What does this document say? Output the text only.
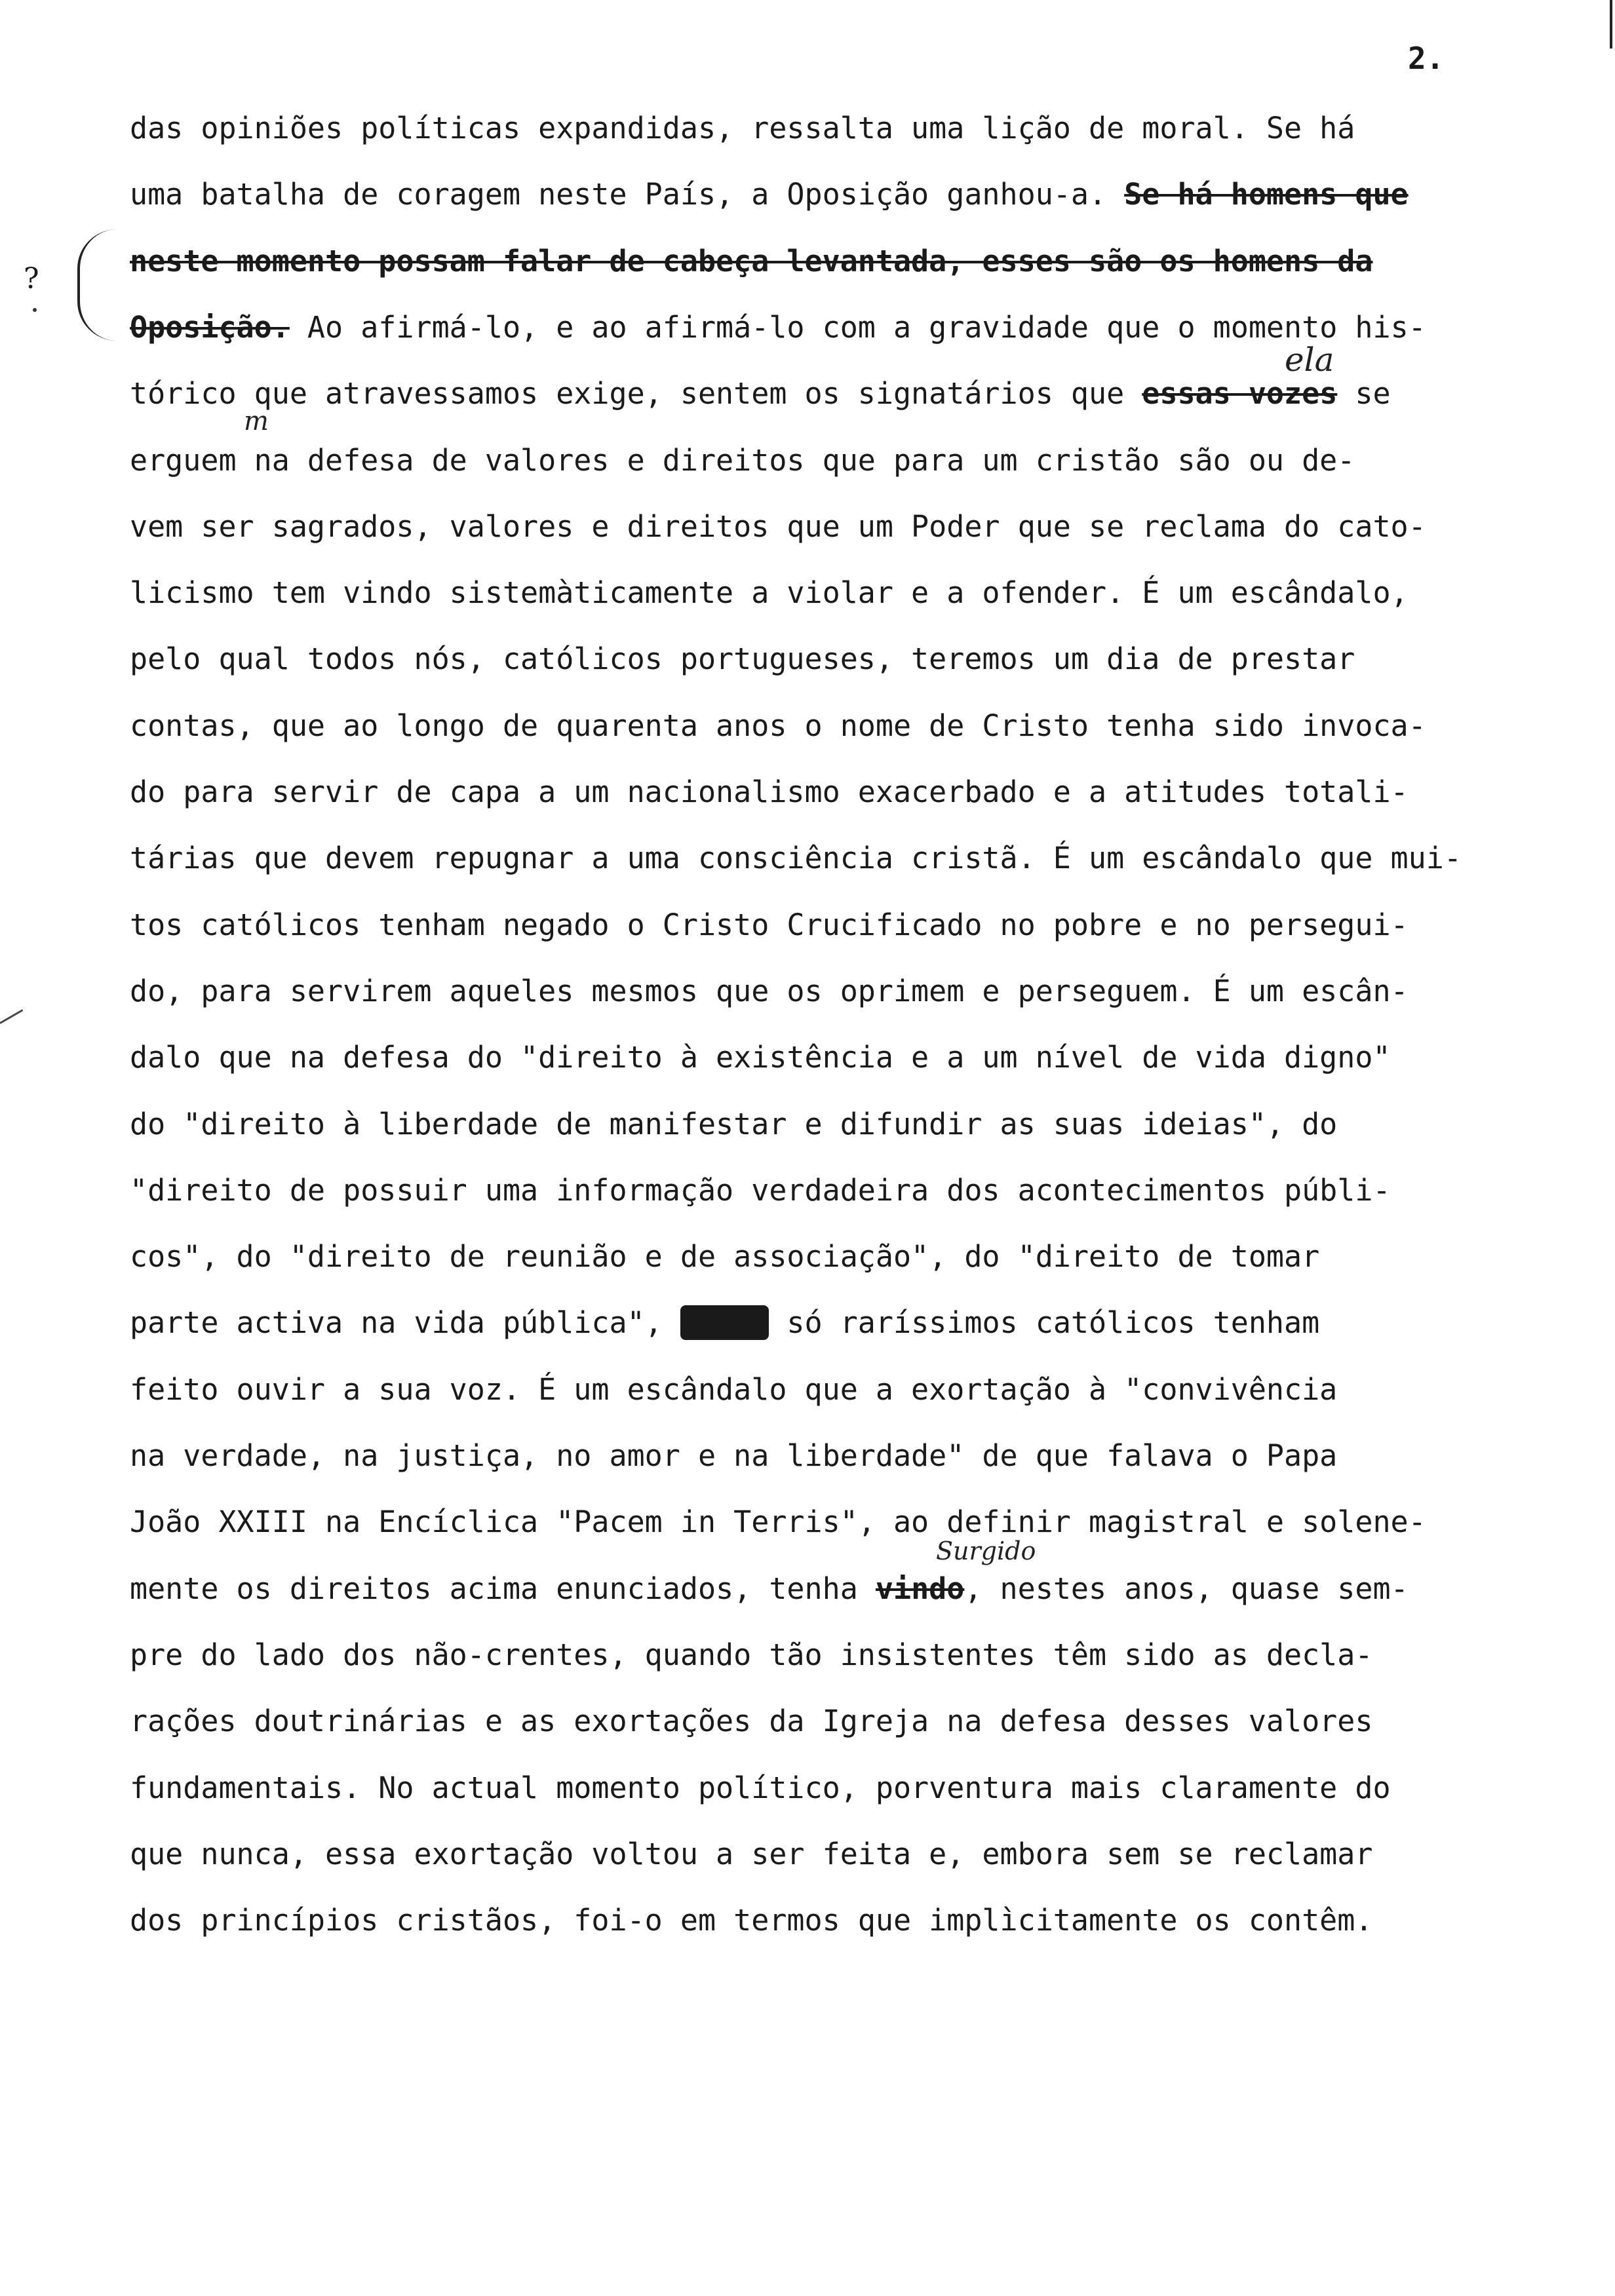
2.
?
das opiniões políticas expandidas, ressalta uma lição de moral. Se há
uma batalha de coragem neste País, a Oposição ganhou-a. Se há homens que
neste momento possam falar de cabeça levantada, esses são os homens da
Oposição. Ao afirmá-lo, e ao afirmá-lo com a gravidade que o momento his-
tórico que atravessamos exige, sentem os signatários que essas vozes se
erguem na defesa de valores e direitos que para um cristão são ou de-
vem ser sagrados, valores e direitos que um Poder que se reclama do cato-
licismo tem vindo sistemàticamente a violar e a ofender. É um escândalo,
pelo qual todos nós, católicos portugueses, teremos um dia de prestar
contas, que ao longo de quarenta anos o nome de Cristo tenha sido invoca-
do para servir de capa a um nacionalismo exacerbado e a atitudes totali-
tárias que devem repugnar a uma consciência cristã. É um escândalo que mui-
tos católicos tenham negado o Cristo Crucificado no pobre e no persegui-
do, para servirem aqueles mesmos que os oprimem e perseguem. É um escân-
dalo que na defesa do "direito à existência e a um nível de vida digno"
do "direito à liberdade de manifestar e difundir as suas ideias", do
"direito de possuir uma informação verdadeira dos acontecimentos públi-
cos", do "direito de reunião e de associação", do "direito de tomar
parte activa na vida pública",	só raríssimos católicos tenham
feito ouvir a sua voz. É um escândalo que a exortação à "convivência
na verdade, na justiça, no amor e na liberdade" de que falava o Papa
João XXIII na Encíclica "Pacem in Terris", ao definir magistral e solene-
mente os direitos acima enunciados, tenha vindo, nestes anos, quase sem-
pre do lado dos não-crentes, quando tão insistentes têm sido as decla-
rações doutrinárias e as exortações da Igreja na defesa desses valores
fundamentais. No actual momento político, porventura mais claramente do
que nunca, essa exortação voltou a ser feita e, embora sem se reclamar
dos princípios cristãos, foi-o em termos que implìcitamente os contêm.
ela
m
Surgido
